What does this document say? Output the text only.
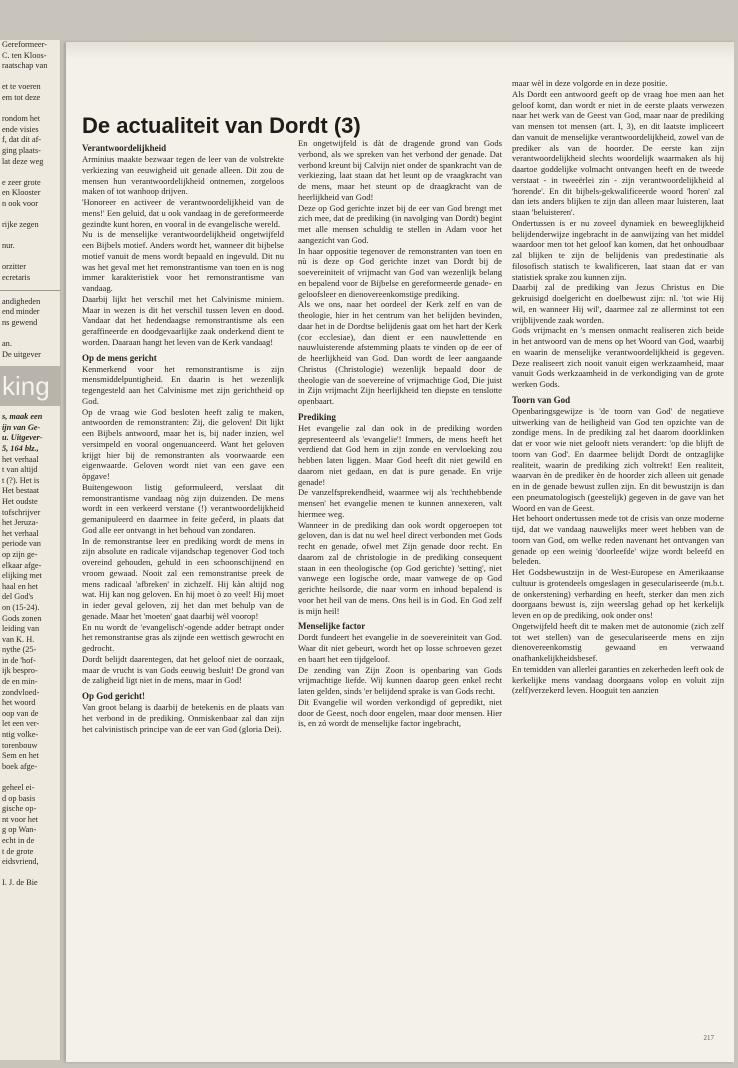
Gereformeer-
C. ten Kloos-
raatschap van

et te voeren
em tot deze

rondom het
ende visies
f, dat dit af-
ging plaats-
lat deze weg

e zeer grote
en Klooster
n ook voor

rijke zegen

nur.

orzitter
ecretaris
andigheden
end minder
ns gewend

an.
De uitgever
king
s, maak een
ijn van Ge-
u. Uitgever-
5, 164 blz.,
het verhaal
t van altijd
t (?). Het is
Het bestaat
Het oudste
tofschrijver
het Jeruza-
het verhaal
periode van
op zijn ge-
elkaar afge-
elijking met
haal en het
del God's
on (15-24).
Gods zonen
leiding van
van K. H.
nythe (25-
in de 'hof-
ijk bespro-
de en min-
zondvloed-
het woord
oop van de
let een ver-
ntig volke-
torenbouw
Sem en het
boek afge-

geheel ei-
d op basis
gische op-
nt voor het
g op Wan-
echt in de
t de grote
eidsvriend,

I. J. de Bie
De actualiteit van Dordt (3)
Verantwoordelijkheid

Arminius maakte bezwaar tegen de leer van de volstrekte verkiezing van eeuwigheid uit genade alleen. Dit zou de mensen hun verantwoordelijkheid ontnemen, zorgeloos maken of tot wanhoop drijven.

'Honoreer en activeer de verantwoordelijkheid van de mens!' Een geluid, dat u ook vandaag in de gereformeerde gezindte kunt horen, en vooral in de evangelische wereld.

Nu is de menselijke verantwoordelijkheid ongetwijfeld een Bijbels motief. Anders wordt het, wanneer dit bijbelse motief vanuit de mens wordt bepaald en ingevuld. Dit nu was het geval met het remonstrantisme van toen en is nog immer karakteristiek voor het remonstrantisme van vandaag.

Daarbij lijkt het verschil met het Calvinisme miniem. Maar in wezen is dit het verschil tussen leven en dood. Vandaar dat het hedendaagse remonstrantisme als een geraffineerde en doodgevaarlijke zaak onderkend dient te worden. Daaraan hangt het leven van de Kerk vandaag!

Op de mens gericht

Kenmerkend voor het remonstrantisme is zijn mensmiddelpuntigheid. En daarin is het wezenlijk tegengesteld aan het Calvinisme met zijn gerichtheid op God.

Op de vraag wie God besloten heeft zalig te maken, antwoorden de remonstranten: Zij, die geloven! Dit lijkt een Bijbels antwoord, maar het is, bij nader inzien, wel versimpeld en vooral ongenuanceerd. Want het geloven krijgt hier bij de remonstranten als voorwaarde een eigenwaarde. Geloven wordt niet van een gave een òpgave!

Buitengewoon listig geformuleerd, verslaat dit remonstrantisme vandaag nòg zijn duizenden. De mens wordt in een verkeerd verstane (!) verantwoordelijkheid gemanipuleerd en daarmee in feite gečerd, in plaats dat God alle eer ontvangt in het behoud van zondaren.

In de remonstrantse leer en prediking wordt de mens in zijn absolute en radicale vijandschap tegenover God toch overeind gehouden, gehuld in een schoonschijnend en vroom gewaad. Nooit zal een remonstrantse preek de mens radicaal 'afbreken' in zichzelf. Hij kàn altijd nog wat. Hij kan nog geloven. En hij moet ò zo veel! Hij moet in ieder geval geloven, zij het dan met behulp van de genade. Maar het 'moeten' gaat daarbij wèl voorop!

En nu wordt de 'evangelisch'-ogende adder betrapt onder het remonstrantse gras als zijnde een wettisch gewrocht en gedrocht.

Dordt belijdt daarentegen, dat het geloof niet de oorzaak, maar de vrucht is van Gods eeuwig besluit! De grond van de zaligheid ligt niet in de mens, maar in God!

Op God gericht!

Van groot belang is daarbij de betekenis en de plaats van het verbond in de prediking. Onmiskenbaar zal dan zijn het calvinistisch principe van de eer van God (gloria Dei).

En ongetwijfeld is dàt de dragende grond van Gods verbond, als we spreken van het verbond der genade. Dat verbond kreunt bij Calvijn niet onder de spankracht van de verkiezing, laat staan dat het leunt op de vraagkracht van de mens, maar het steunt op de draagkracht van de heerlijkheid van God!

Deze op God gerichte inzet bij de eer van God brengt met zich mee, dat de prediking (in navolging van Dordt) begint met alle mensen schuldig te stellen in Adam voor het aangezicht van God.

In haar oppositie tegenover de remonstranten van toen en nù is deze op God gerichte inzet van Dordt bij de soevereiniteit of vrijmacht van God van wezenlijk belang en bepalend voor de Bijbelse en gereformeerde genade- en geloofsleer en dienovereenkomstige prediking.

Als we ons, naar het oordeel der Kerk zelf en van de theologie, hier in het centrum van het belijden bevinden, daar het in de Dordtse belijdenis gaat om het hart der Kerk (cor ecclesiae), dan dient er een nauwlettende en nauwluisterende afstemming plaats te vinden op de eer of de heerlijkheid van God. Dan wordt de leer aangaande Christus (Christologie) wezenlijk bepaald door de theologie van de soevereine of vrijmachtige God, Die juist in Zijn vrijmacht Zijn heerlijkheid ten diepste en tenslotte openbaart.

Prediking

Het evangelie zal dan ook in de prediking worden gepresenteerd als 'evangelie'! Immers, de mens heeft het verdiend dat God hem in zijn zonde en vervloeking zou hebben laten liggen. Maar God heeft dit niet gewild en daarom niet gedaan, en dat is pure genade. En vrije genade!

De vanzelfsprekendheid, waarmee wij als 'rechthebbende mensen' het evangelie menen te kunnen annexeren, valt hiermee weg.

Wanneer in de prediking dan ook wordt opgeroepen tot geloven, dan is dat nu wel heel direct verbonden met Gods recht en genade, ofwel met Zijn genade door recht. En daarom zal de christologie in de prediking consequent staan in een theologische (op God gerichte) 'setting', niet vanwege een logische orde, maar vanwege de op God gerichte heilsorde, die naar vorm en inhoud bepalend is voor het heil van de mens. Ons heil is in God. En God zelf is mijn heil!

Menselijke factor

Dordt fundeert het evangelie in de soevereiniteit van God. Waar dit niet gebeurt, wordt het op losse schroeven gezet en baart het een tijdgeloof.

De zending van Zijn Zoon is openbaring van Gods vrijmachtige liefde. Wij kunnen daarop geen enkel recht laten gelden, sinds 'er belijdend sprake is van Gods recht.

Dit Evangelie wil worden verkondigd of gepredikt, niet door de Geest, noch door engelen, maar door mensen. Hier is, en zó wordt de menselijke factor ingebracht,

maar wèl in deze volgorde en in deze positie.

Als Dordt een antwoord geeft op de vraag hoe men aan het geloof komt, dan wordt er niet in de eerste plaats verwezen naar het werk van de Geest van God, maar naar de prediking van mensen tot mensen (art. I, 3), en dit laatste impliceert dan vanuit de menselijke verantwoordelijkheid, zowel van de prediker als van de hoorder. De eerste kan zijn verantwoordelijkheid slechts woordelijk waarmaken als hij daartoe goddelijke volmacht ontvangen heeft en de tweede verstaat - in tweeërlei zin - zijn verantwoordelijkheid al 'horende'. En dit bijbels-gekwalificeerde woord 'horen' zal dan iets anders blijken te zijn dan alleen maar luisteren, laat staan 'beluisteren'.

Ondertussen is er nu zoveel dynamiek en beweeglijkheid belijdenderwijze ingebracht in de aanwijzing van het middel waardoor men tot het geloof kan komen, dat het onhoudbaar zal blijken te zijn de belijdenis van predestinatie als filosofisch statisch te kwalificeren, laat staan dat er van statistiek sprake zou kunnen zijn.

Daarbij zal de prediking van Jezus Christus en Die gekruisigd doelgericht en doelbewust zijn: nl. 'tot wie Hij wil, en wanneer Hij wil', daarmee zal ze allerminst tot een vrijblijvende zaak worden.

Gods vrijmacht en 's mensen onmacht realiseren zich beide in het antwoord van de mens op het Woord van God, waarbij en waarin de menselijke verantwoordelijkheid is gegeven. Deze realiseert zich nooit vanuit eigen werkzaamheid, maar vanuit Gods werkzaamheid in de verkondiging van de grote werken Gods.

Toorn van God

Openbaringsgewijze is 'de toorn van God' de negatieve uitwerking van de heiligheid van God ten opzichte van de zondige mens. In de prediking zal het daarom doorklinken dat er voor wie niet gelooft niets verandert: 'op die blijft de toorn van God'. En daarmee belijdt Dordt de ontzaglijke realiteit, waarin de prediking zich voltrekt! Een realiteit, waarvan èn de prediker èn de hoorder zich alleen uit genade en in de genade bewust zullen zijn. En dit bewustzijn is dan een pneumatologisch (geestelijk) gegeven in de gave van het Woord en van de Geest.

Het behoort ondertussen mede tot de crisis van onze moderne tijd, dat we vandaag nauwelijks meer weet hebben van de toorn van God, om welke reden navenant het ontvangen van genade op een weinig 'doorleefde' wijze wordt beleefd en beleden.

Het Godsbewustzijn in de West-Europese en Amerikaanse cultuur is grotendeels omgeslagen in geseculariseerde (m.b.t. de onkerstening) verharding en heeft, sterker dan men zich doorgaans bewust is, zijn weerslag gehad op het kerkelijk leven en op de prediking, ook onder ons!

Ongetwijfeld heeft dit te maken met de autonomie (zich zelf tot wet stellen) van de geseculariseerde mens en zijn dienovereenkomstig gewaand en verwaand onafhankelijkheidsbesef.

En temidden van allerlei garanties en zekerheden leeft ook de kerkelijke mens vandaag doorgaans volop en voluit zijn (zelf)verzekerd leven. Hooguit ten aanzien

217
